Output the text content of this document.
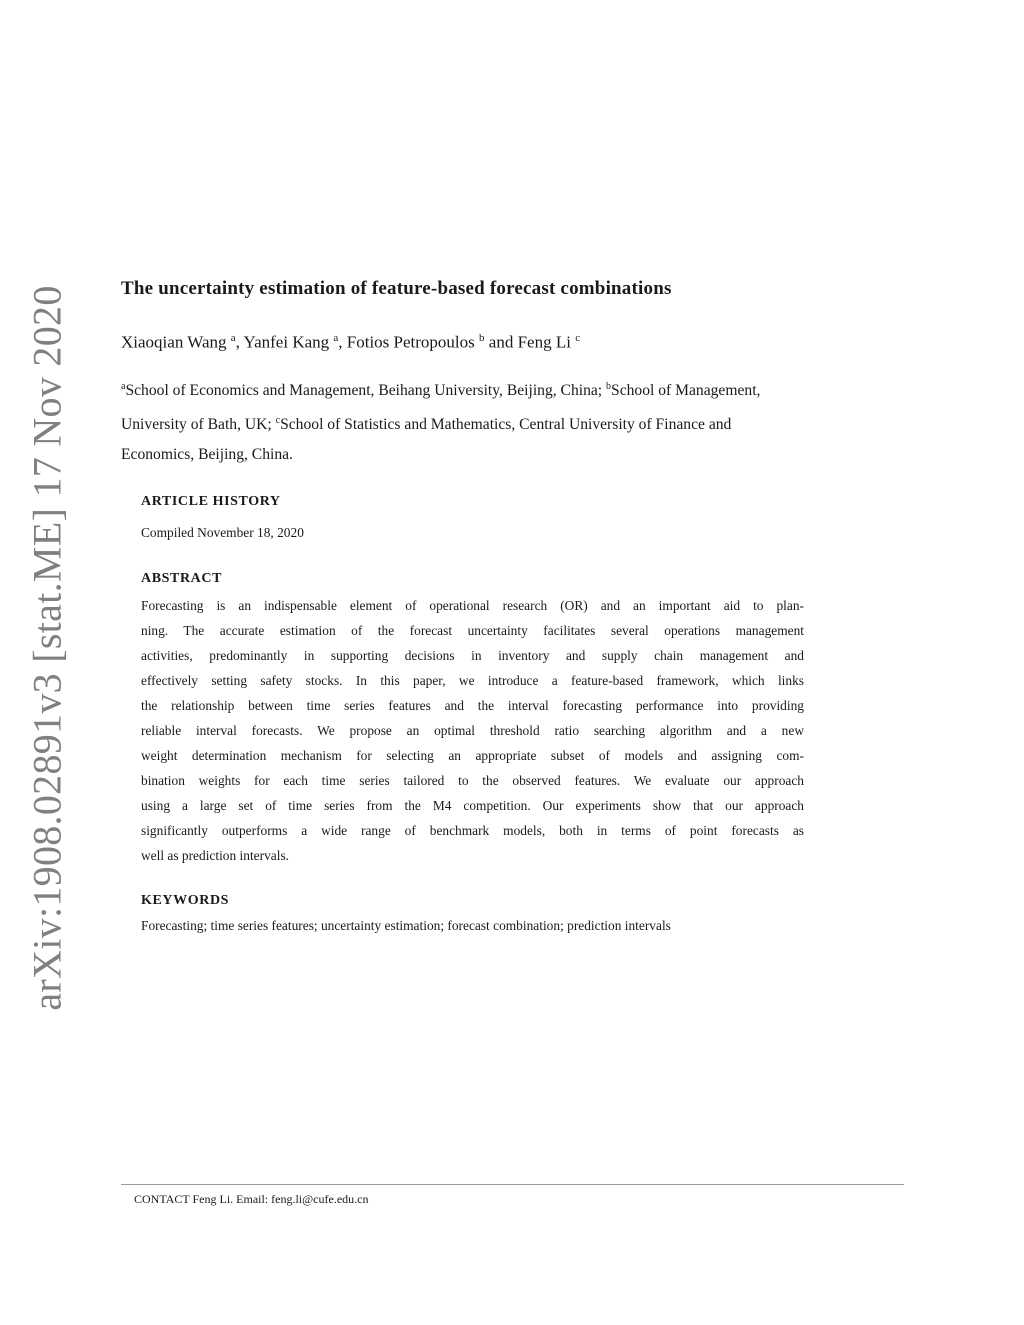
arXiv:1908.02891v3 [stat.ME] 17 Nov 2020	The uncertainty estimation of feature-based forecast combinations
Xiaoqian Wang $^a$, Yanfei Kang $^a$, Fotios Petropoulos $^b$ and Feng Li $^c$
$^a$School of Economics and Management, Beihang University, Beijing, China; $^b$School of Management,
University of Bath, UK; $^c$School of Statistics and Mathematics, Central University of Finance and
Economics, Beijing, China.
ARTICLE HISTORY
Compiled November 18, 2020
ABSTRACT
Forecasting is an indispensable element of operational research (OR) and an important aid to plan-
ning. The accurate estimation of the forecast uncertainty facilitates several operations management
activities, predominantly in supporting decisions in inventory and supply chain management and
effectively setting safety stocks. In this paper, we introduce a feature-based framework, which links
the relationship between time series features and the interval forecasting performance into providing
reliable interval forecasts. We propose an optimal threshold ratio searching algorithm and a new
weight determination mechanism for selecting an appropriate subset of models and assigning com-
bination weights for each time series tailored to the observed features. We evaluate our approach
using a large set of time series from the M4 competition. Our experiments show that our approach
significantly outperforms a wide range of benchmark models, both in terms of point forecasts as
well as prediction intervals.
KEYWORDS
Forecasting; time series features; uncertainty estimation; forecast combination; prediction intervals
CONTACT Feng Li. Email: feng.li@cufe.edu.cn
